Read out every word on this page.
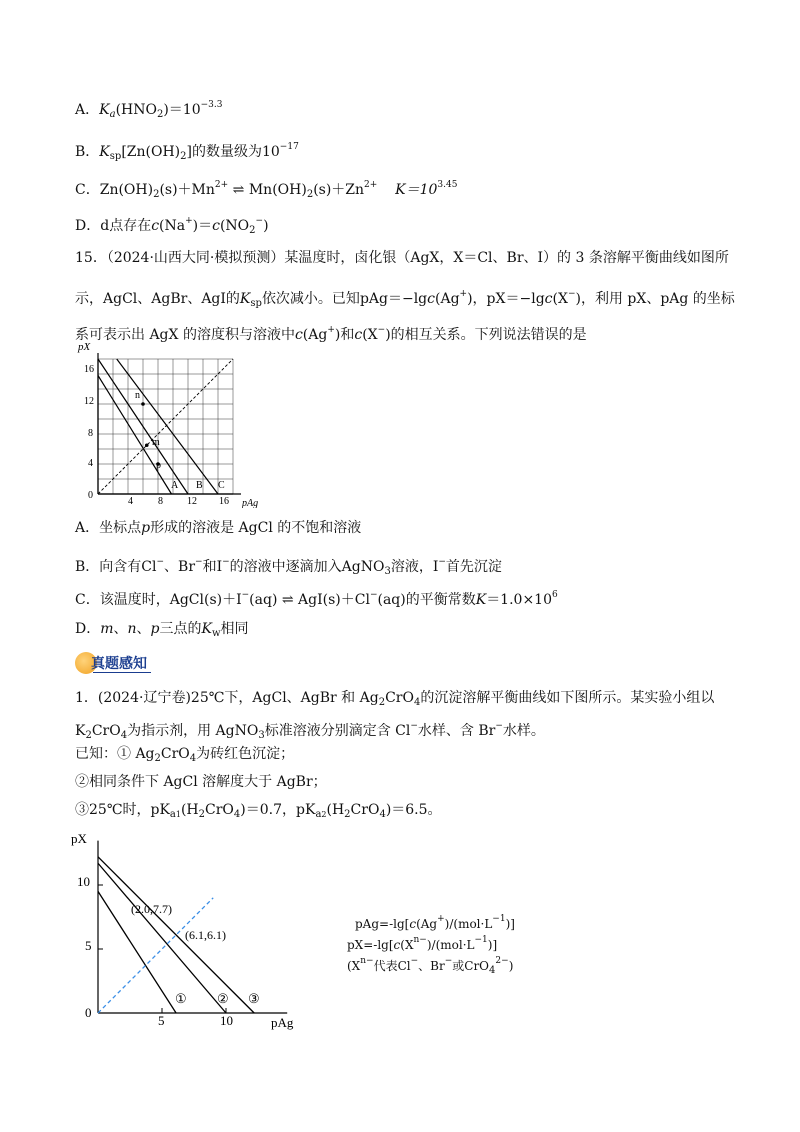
A．$K_a(HNO_2)=10^{-3.3}$
B．$K_{sp}[Zn(OH)_2]$的数量级为$10^{-17}$
C．$Zn(OH)_2(s)+Mn^{2+}$ ⇌ $Mn(OH)_2(s)+Zn^{2+}$ $K=10^{3.45}$
D．d点存在$c(Na^+)=c(NO_2^-)$
15．（2024·山西大同·模拟预测）某温度时，卤化银（AgX，X＝Cl、Br、I）的 3 条溶解平衡曲线如图所
示，AgCl、AgBr、AgI的$K_{sp}$依次减小。已知pAg＝−lgc(Ag+)，pX＝−lgc(X−)，利用 pX、pAg 的坐标
系可表示出 AgX 的溶度积与溶液中c(Ag+)和c(X−)的相互关系。下列说法错误的是
pX
pAg
16
12
8
4
0
4	8 12 16
n
m
p
A B C
A．坐标点p形成的溶液是 AgCl 的不饱和溶液
B．向含有Cl−、Br−和I−的溶液中逐滴加入AgNO$_3$溶液，I−首先沉淀
C．该温度时，AgCl(s)＋I−(aq) ⇌ AgI(s)＋Cl−(aq)的平衡常数$K=1.0\times 10^6$
D．m、n、p三点的$K_w$相同
真题感知
1．(2024·辽宁卷)25℃下，AgCl、AgBr 和 $Ag_2CrO_4$的沉淀溶解平衡曲线如下图所示。某实验小组以
$K_2CrO_4$为指示剂，用 AgNO$_3$标准溶液分别滴定含 Cl−水样、含 Br−水样。
已知：① $Ag_2CrO_4$为砖红色沉淀；
②相同条件下 AgCl 溶解度大于 AgBr；
③25℃时，$pK_{a1}(H_2CrO_4)=0.7$，$pK_{a2}(H_2CrO_4)=6.5$。
pX
pAg
10
5
0
5	10
(2.0,7.7)
(6.1,6.1)
① ② ③
$pAg=-\lg[c(Ag^+)/(mol\cdot L^{-1})]$
$pX=-\lg[c(X^{n-})/(mol\cdot L^{-1})]$
($X^{n-}$代表Cl−、Br−或CrO$_4^{2-}$)
